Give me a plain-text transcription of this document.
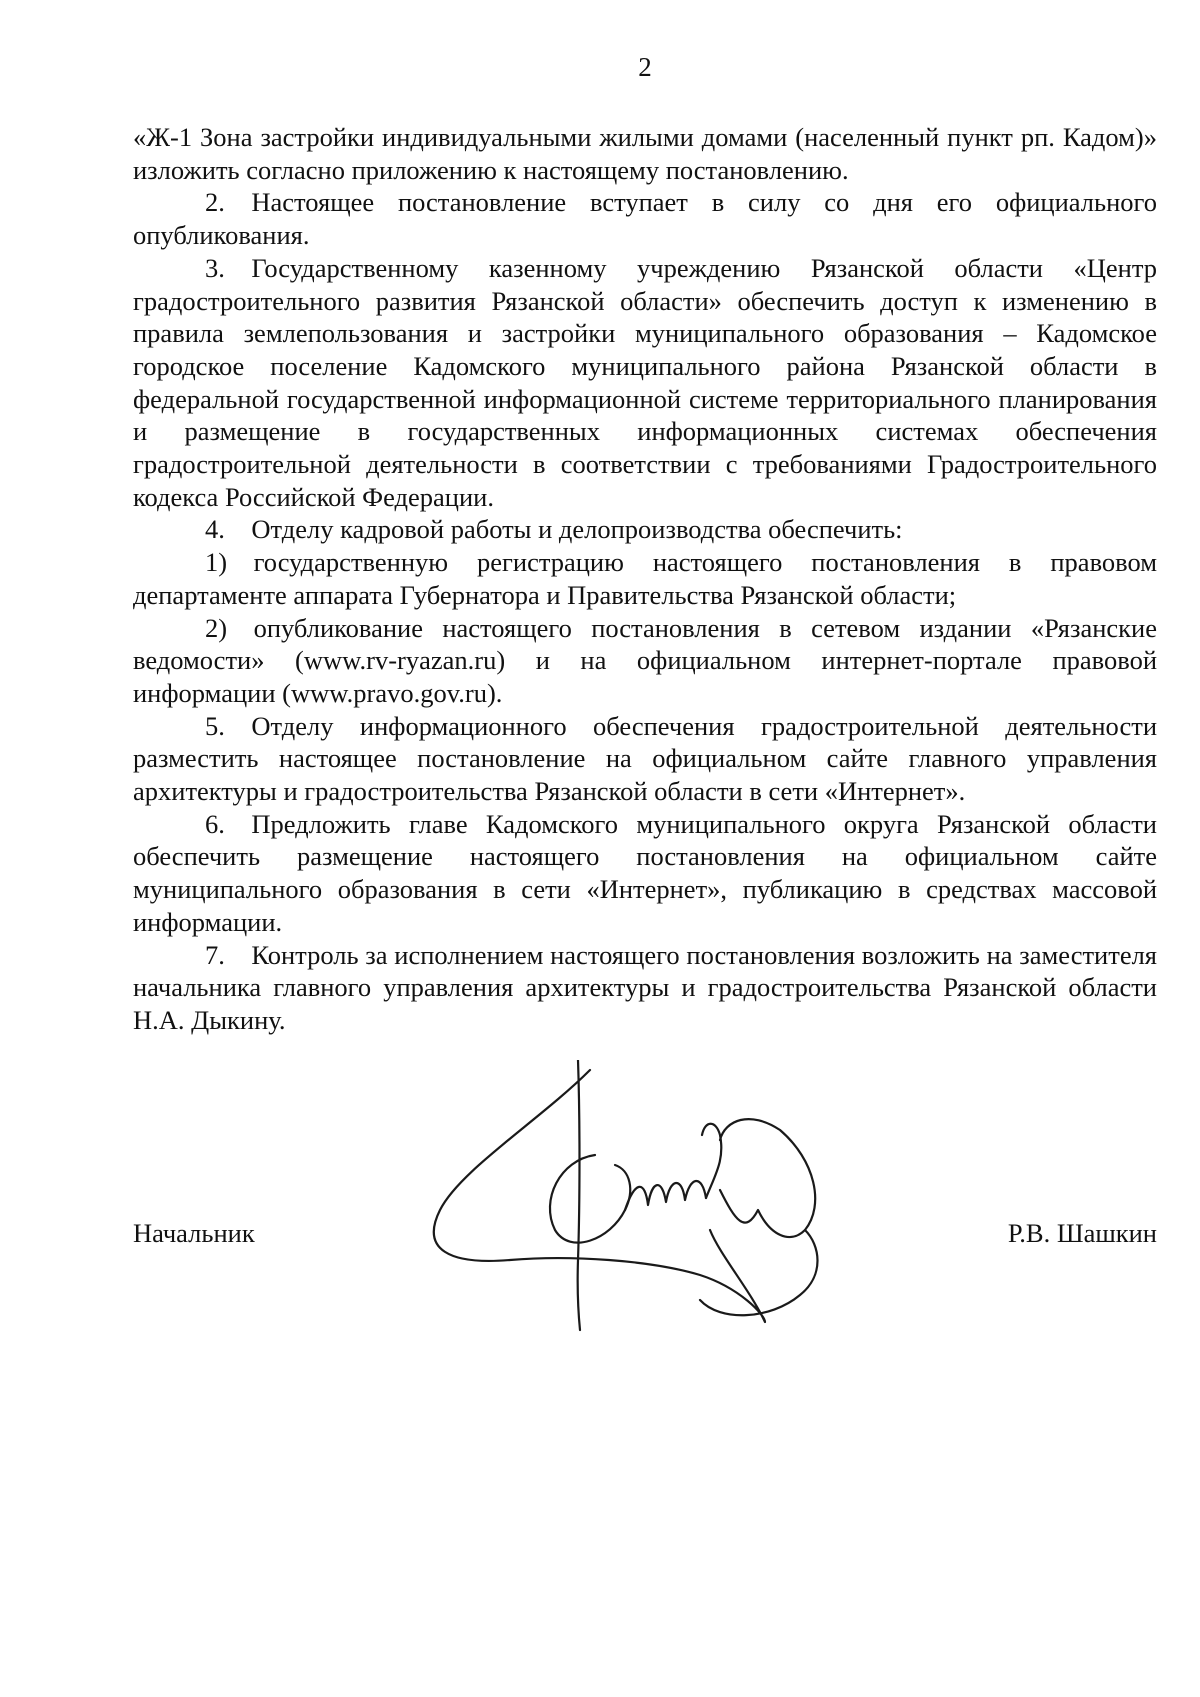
2

«Ж-1 Зона застройки индивидуальными жилыми домами (населенный пункт рп. Кадом)» изложить согласно приложению к настоящему постановлению.

2. Настоящее постановление вступает в силу со дня его официального опубликования.

3. Государственному казенному учреждению Рязанской области «Центр градостроительного развития Рязанской области» обеспечить доступ к изменению в правила землепользования и застройки муниципального образования – Кадомское городское поселение Кадомского муниципального района Рязанской области в федеральной государственной информационной системе территориального планирования и размещение в государственных информационных системах обеспечения градостроительной деятельности в соответствии с требованиями Градостроительного кодекса Российской Федерации.

4. Отделу кадровой работы и делопроизводства обеспечить:

1) государственную регистрацию настоящего постановления в правовом департаменте аппарата Губернатора и Правительства Рязанской области;

2) опубликование настоящего постановления в сетевом издании «Рязанские ведомости» (www.rv-ryazan.ru) и на официальном интернет-портале правовой информации (www.pravo.gov.ru).

5. Отделу информационного обеспечения градостроительной деятельности разместить настоящее постановление на официальном сайте главного управления архитектуры и градостроительства Рязанской области в сети «Интернет».

6. Предложить главе Кадомского муниципального округа Рязанской области обеспечить размещение настоящего постановления на официальном сайте муниципального образования в сети «Интернет», публикацию в средствах массовой информации.

7. Контроль за исполнением настоящего постановления возложить на заместителя начальника главного управления архитектуры и градостроительства Рязанской области Н.А. Дыкину.

Начальник	Р.В. Шашкин
